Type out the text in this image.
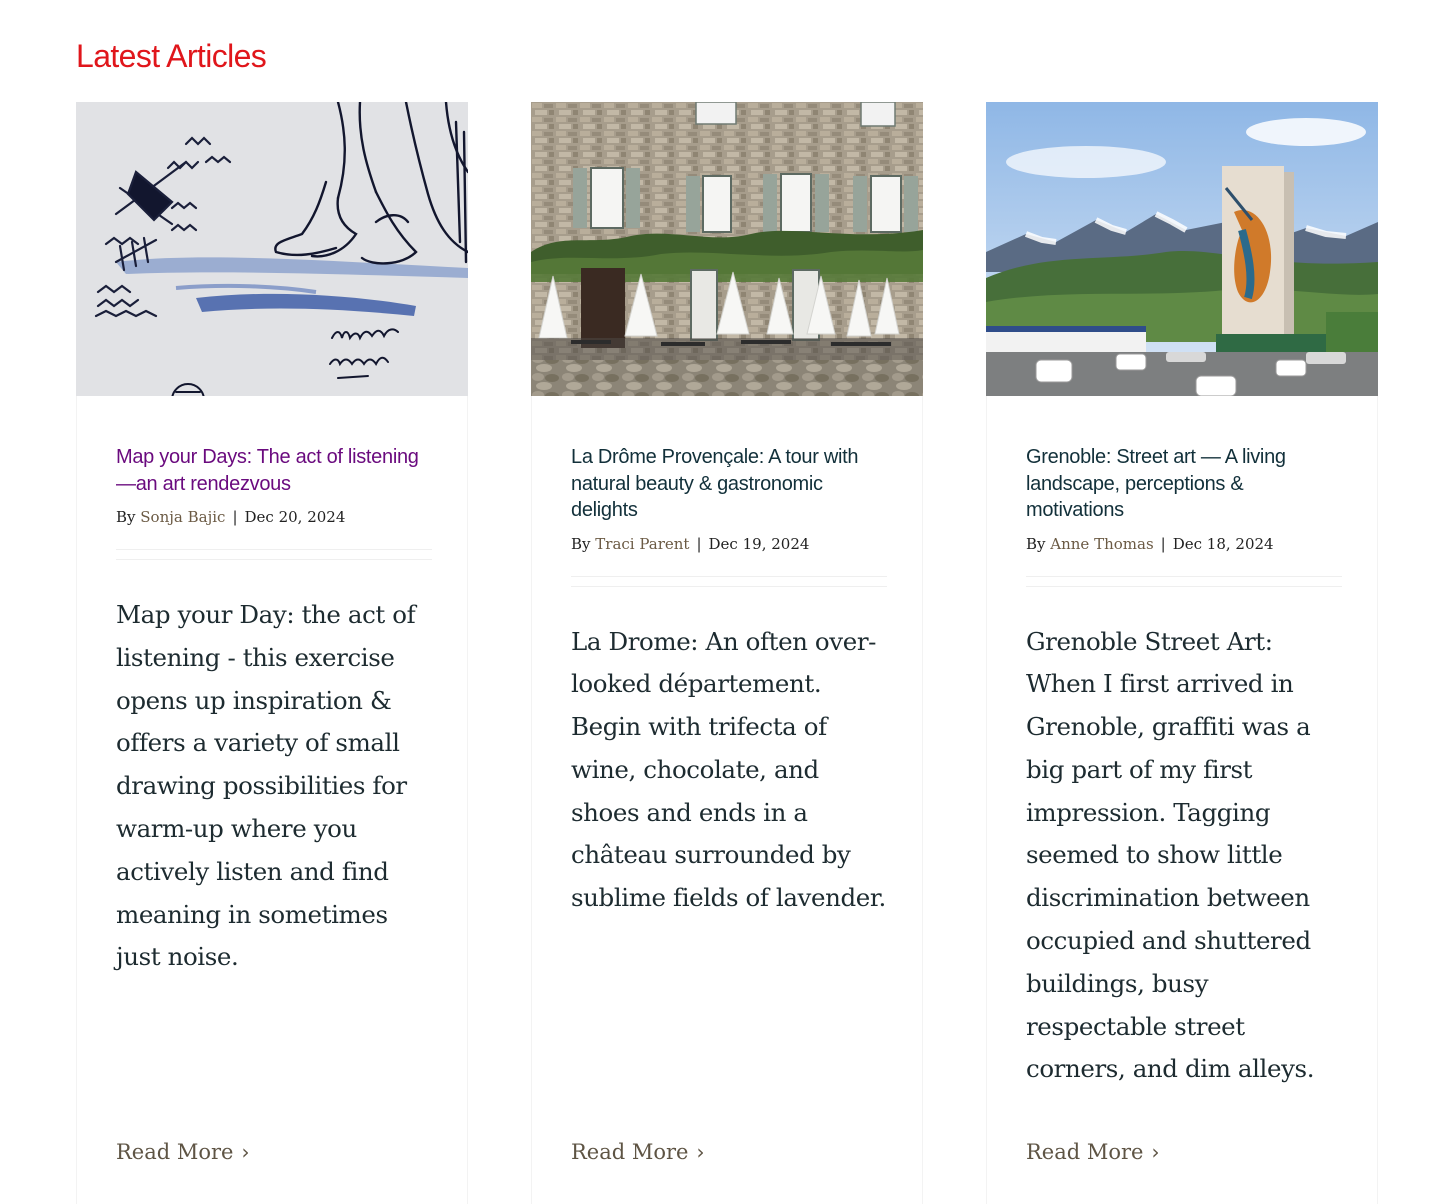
Latest Articles
Map your Days: The act of listening—an art rendezvous
By Sonja Bajic | Dec 20, 2024

Map your Day: the act of listening - this exercise opens up inspiration & offers a variety of small drawing possibilities for warm-up where you actively listen and find meaning in sometimes just noise.

Read More ›
La Drôme Provençale: A tour with natural beauty & gastronomic delights
By Traci Parent | Dec 19, 2024

La Drome: An often over-looked département. Begin with trifecta of wine, chocolate, and shoes and ends in a château surrounded by sublime fields of lavender.

Read More ›
Grenoble: Street art — A living landscape, perceptions & motivations
By Anne Thomas | Dec 18, 2024

Grenoble Street Art: When I first arrived in Grenoble, graffiti was a big part of my first impression. Tagging seemed to show little discrimination between occupied and shuttered buildings, busy respectable street corners, and dim alleys.

Read More ›
